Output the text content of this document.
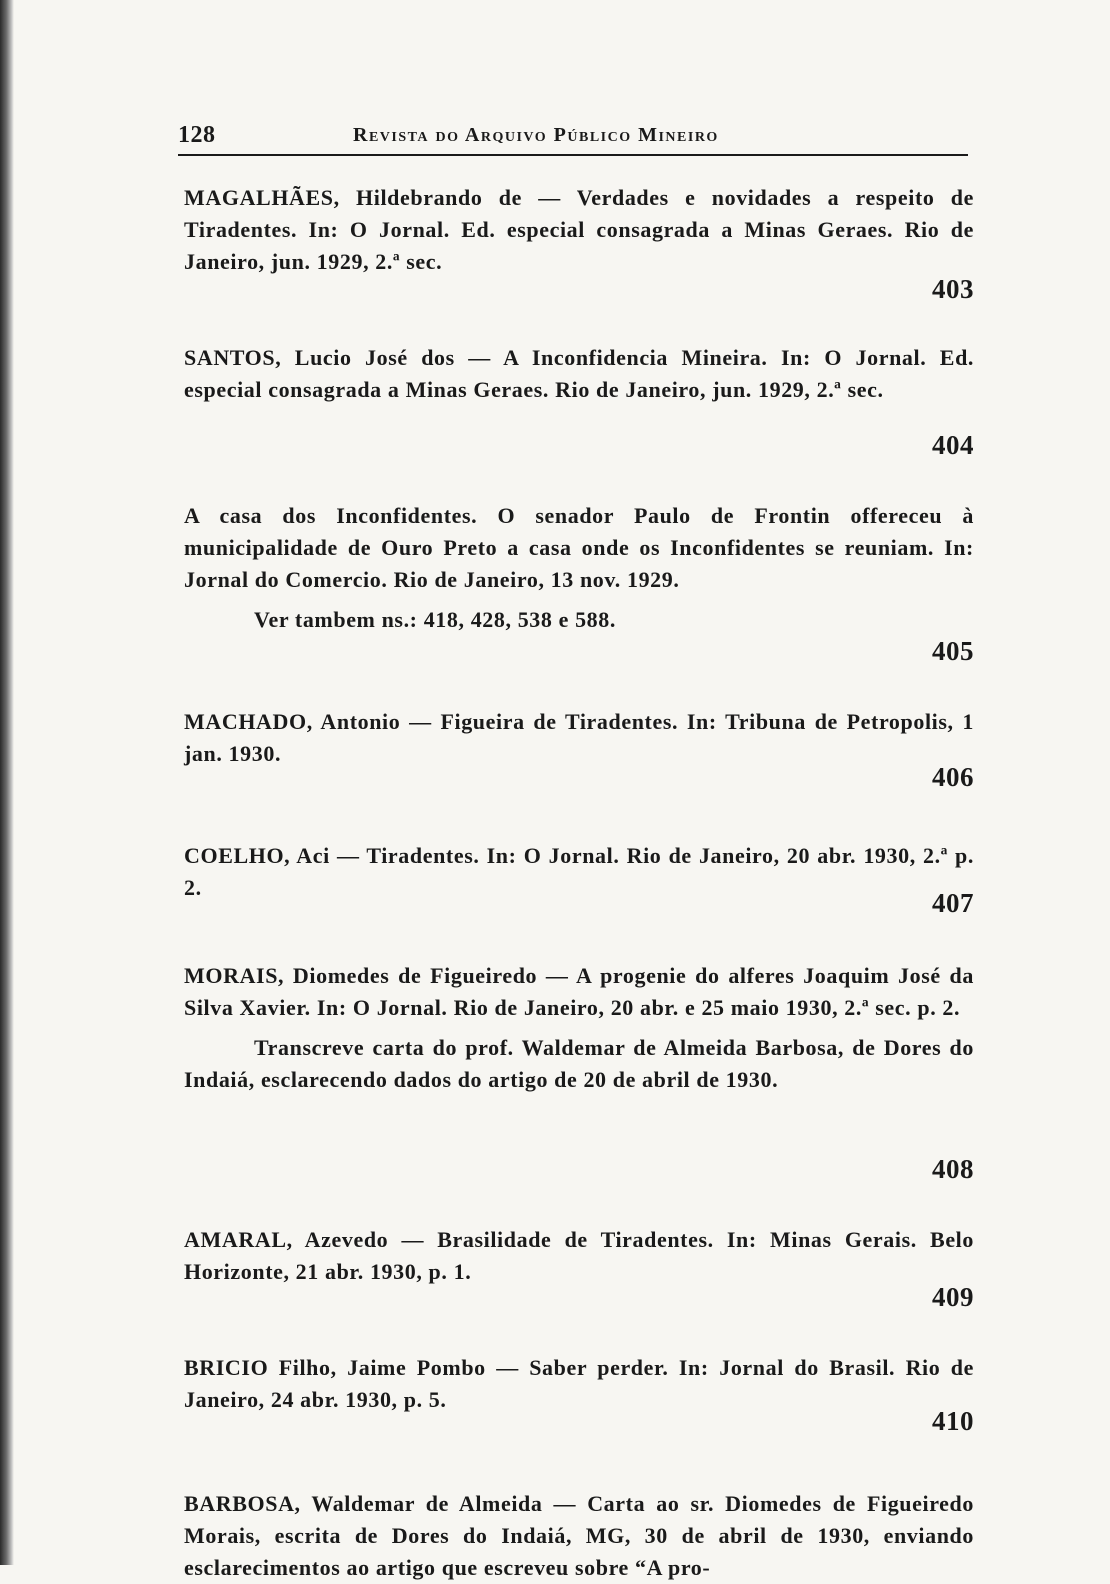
128	Revista do Arquivo Público Mineiro

MAGALHÃES, Hildebrando de — Verdades e novidades a respeito de Tiradentes. In: O Jornal. Ed. especial consagrada a Minas Geraes. Rio de Janeiro, jun. 1929, 2.ª sec.

403

SANTOS, Lucio José dos — A Inconfidencia Mineira. In: O Jornal. Ed. especial consagrada a Minas Geraes. Rio de Janeiro, jun. 1929, 2.ª sec.

404

A casa dos Inconfidentes. O senador Paulo de Frontin offereceu à municipalidade de Ouro Preto a casa onde os Inconfidentes se reuniam. In: Jornal do Comercio. Rio de Janeiro, 13 nov. 1929.

Ver tambem ns.: 418, 428, 538 e 588.

405

MACHADO, Antonio — Figueira de Tiradentes. In: Tribuna de Petropolis, 1 jan. 1930.

406

COELHO, Aci — Tiradentes. In: O Jornal. Rio de Janeiro, 20 abr. 1930, 2.ª p. 2.

407

MORAIS, Diomedes de Figueiredo — A progenie do alferes Joaquim José da Silva Xavier. In: O Jornal. Rio de Janeiro, 20 abr. e 25 maio 1930, 2.ª sec. p. 2.

Transcreve carta do prof. Waldemar de Almeida Barbosa, de Dores do Indaiá, esclarecendo dados do artigo de 20 de abril de 1930.

408

AMARAL, Azevedo — Brasilidade de Tiradentes. In: Minas Gerais. Belo Horizonte, 21 abr. 1930, p. 1.

409

BRICIO Filho, Jaime Pombo — Saber perder. In: Jornal do Brasil. Rio de Janeiro, 24 abr. 1930, p. 5.

410

BARBOSA, Waldemar de Almeida — Carta ao sr. Diomedes de Figueiredo Morais, escrita de Dores do Indaiá, MG, 30 de abril de 1930, enviando esclarecimentos ao artigo que escreveu sobre “A pro-
